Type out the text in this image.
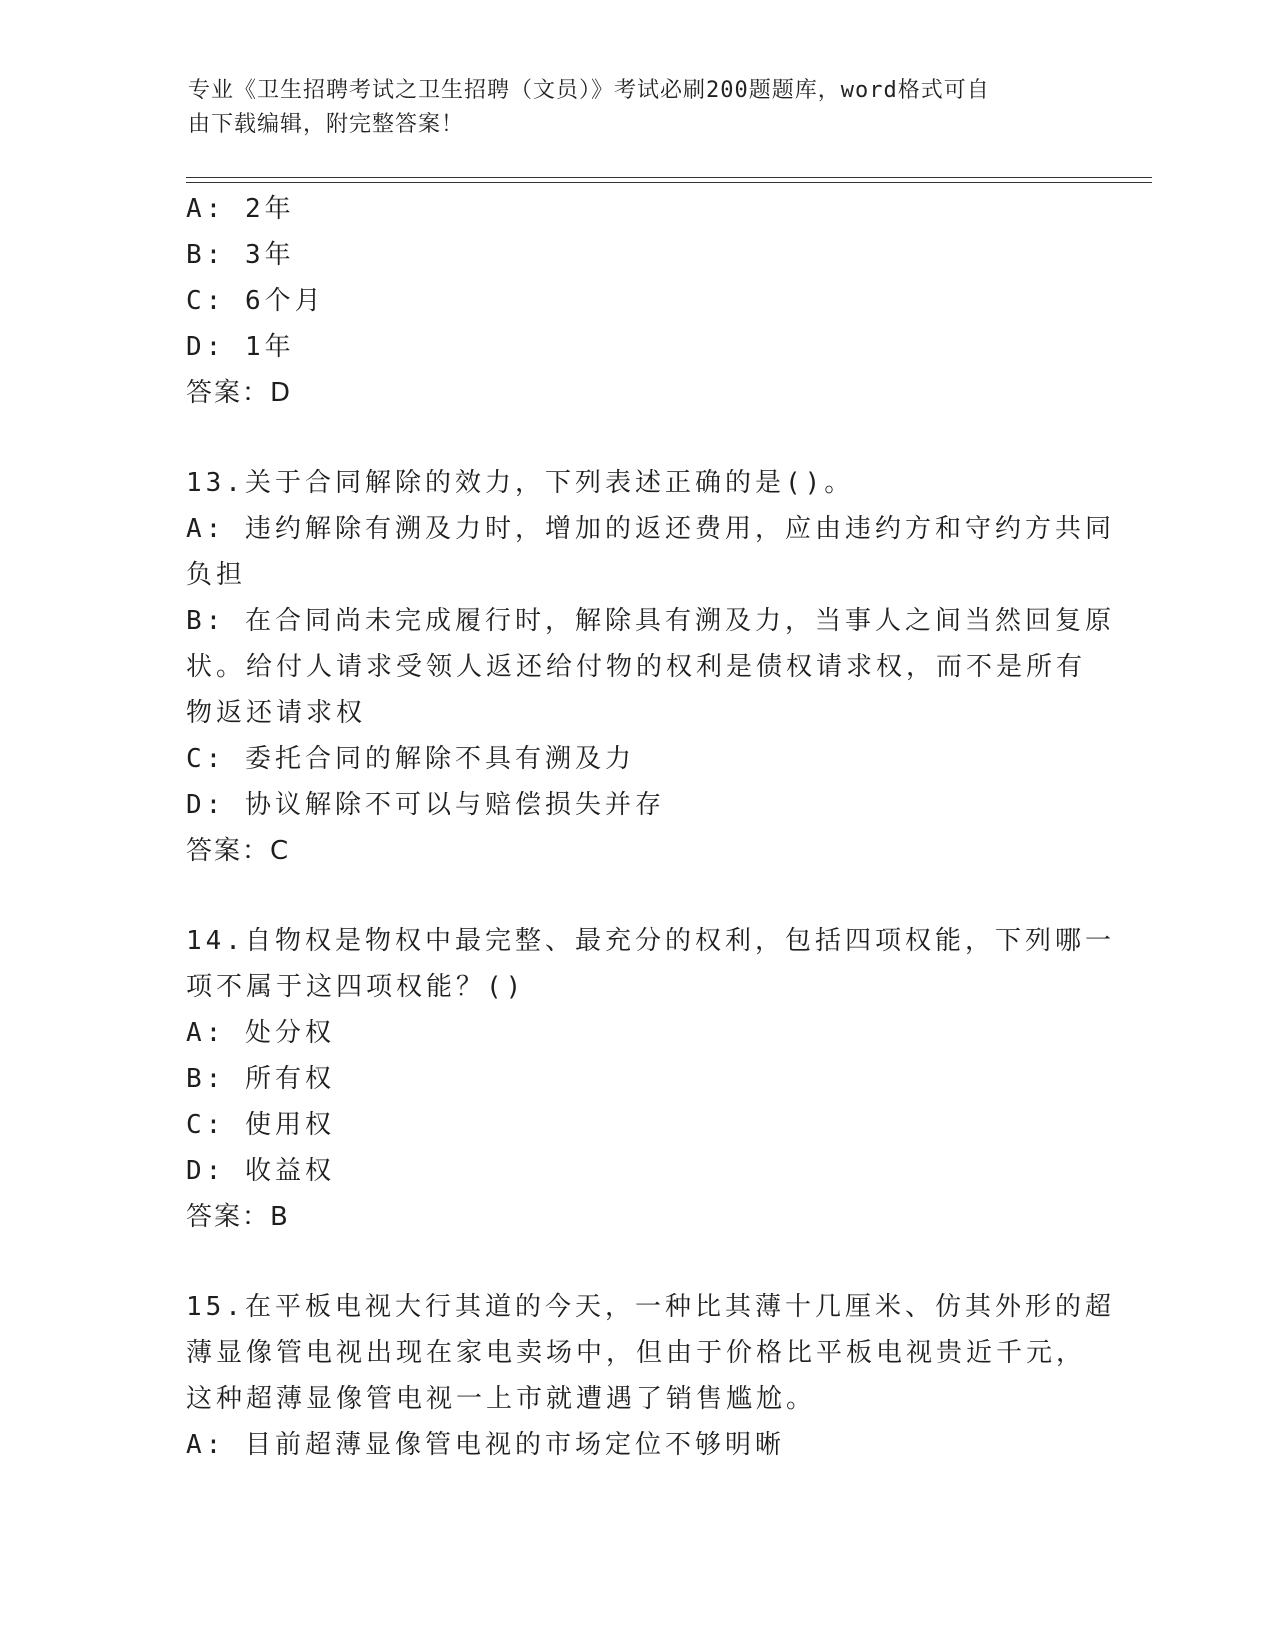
专业《卫生招聘考试之卫生招聘（文员）》考试必刷200题题库，word格式可自
由下载编辑，附完整答案！
A: 2年
B: 3年
C: 6个月
D: 1年
答案：D
13.关于合同解除的效力，下列表述正确的是()。
A: 违约解除有溯及力时，增加的返还费用，应由违约方和守约方共同
负担
B: 在合同尚未完成履行时，解除具有溯及力，当事人之间当然回复原
状。给付人请求受领人返还给付物的权利是债权请求权，而不是所有
物返还请求权
C: 委托合同的解除不具有溯及力
D: 协议解除不可以与赔偿损失并存
答案：C
14.自物权是物权中最完整、最充分的权利，包括四项权能，下列哪一
项不属于这四项权能？()
A: 处分权
B: 所有权
C: 使用权
D: 收益权
答案：B
15.在平板电视大行其道的今天，一种比其薄十几厘米、仿其外形的超
薄显像管电视出现在家电卖场中，但由于价格比平板电视贵近千元，
这种超薄显像管电视一上市就遭遇了销售尴尬。
A: 目前超薄显像管电视的市场定位不够明晰
